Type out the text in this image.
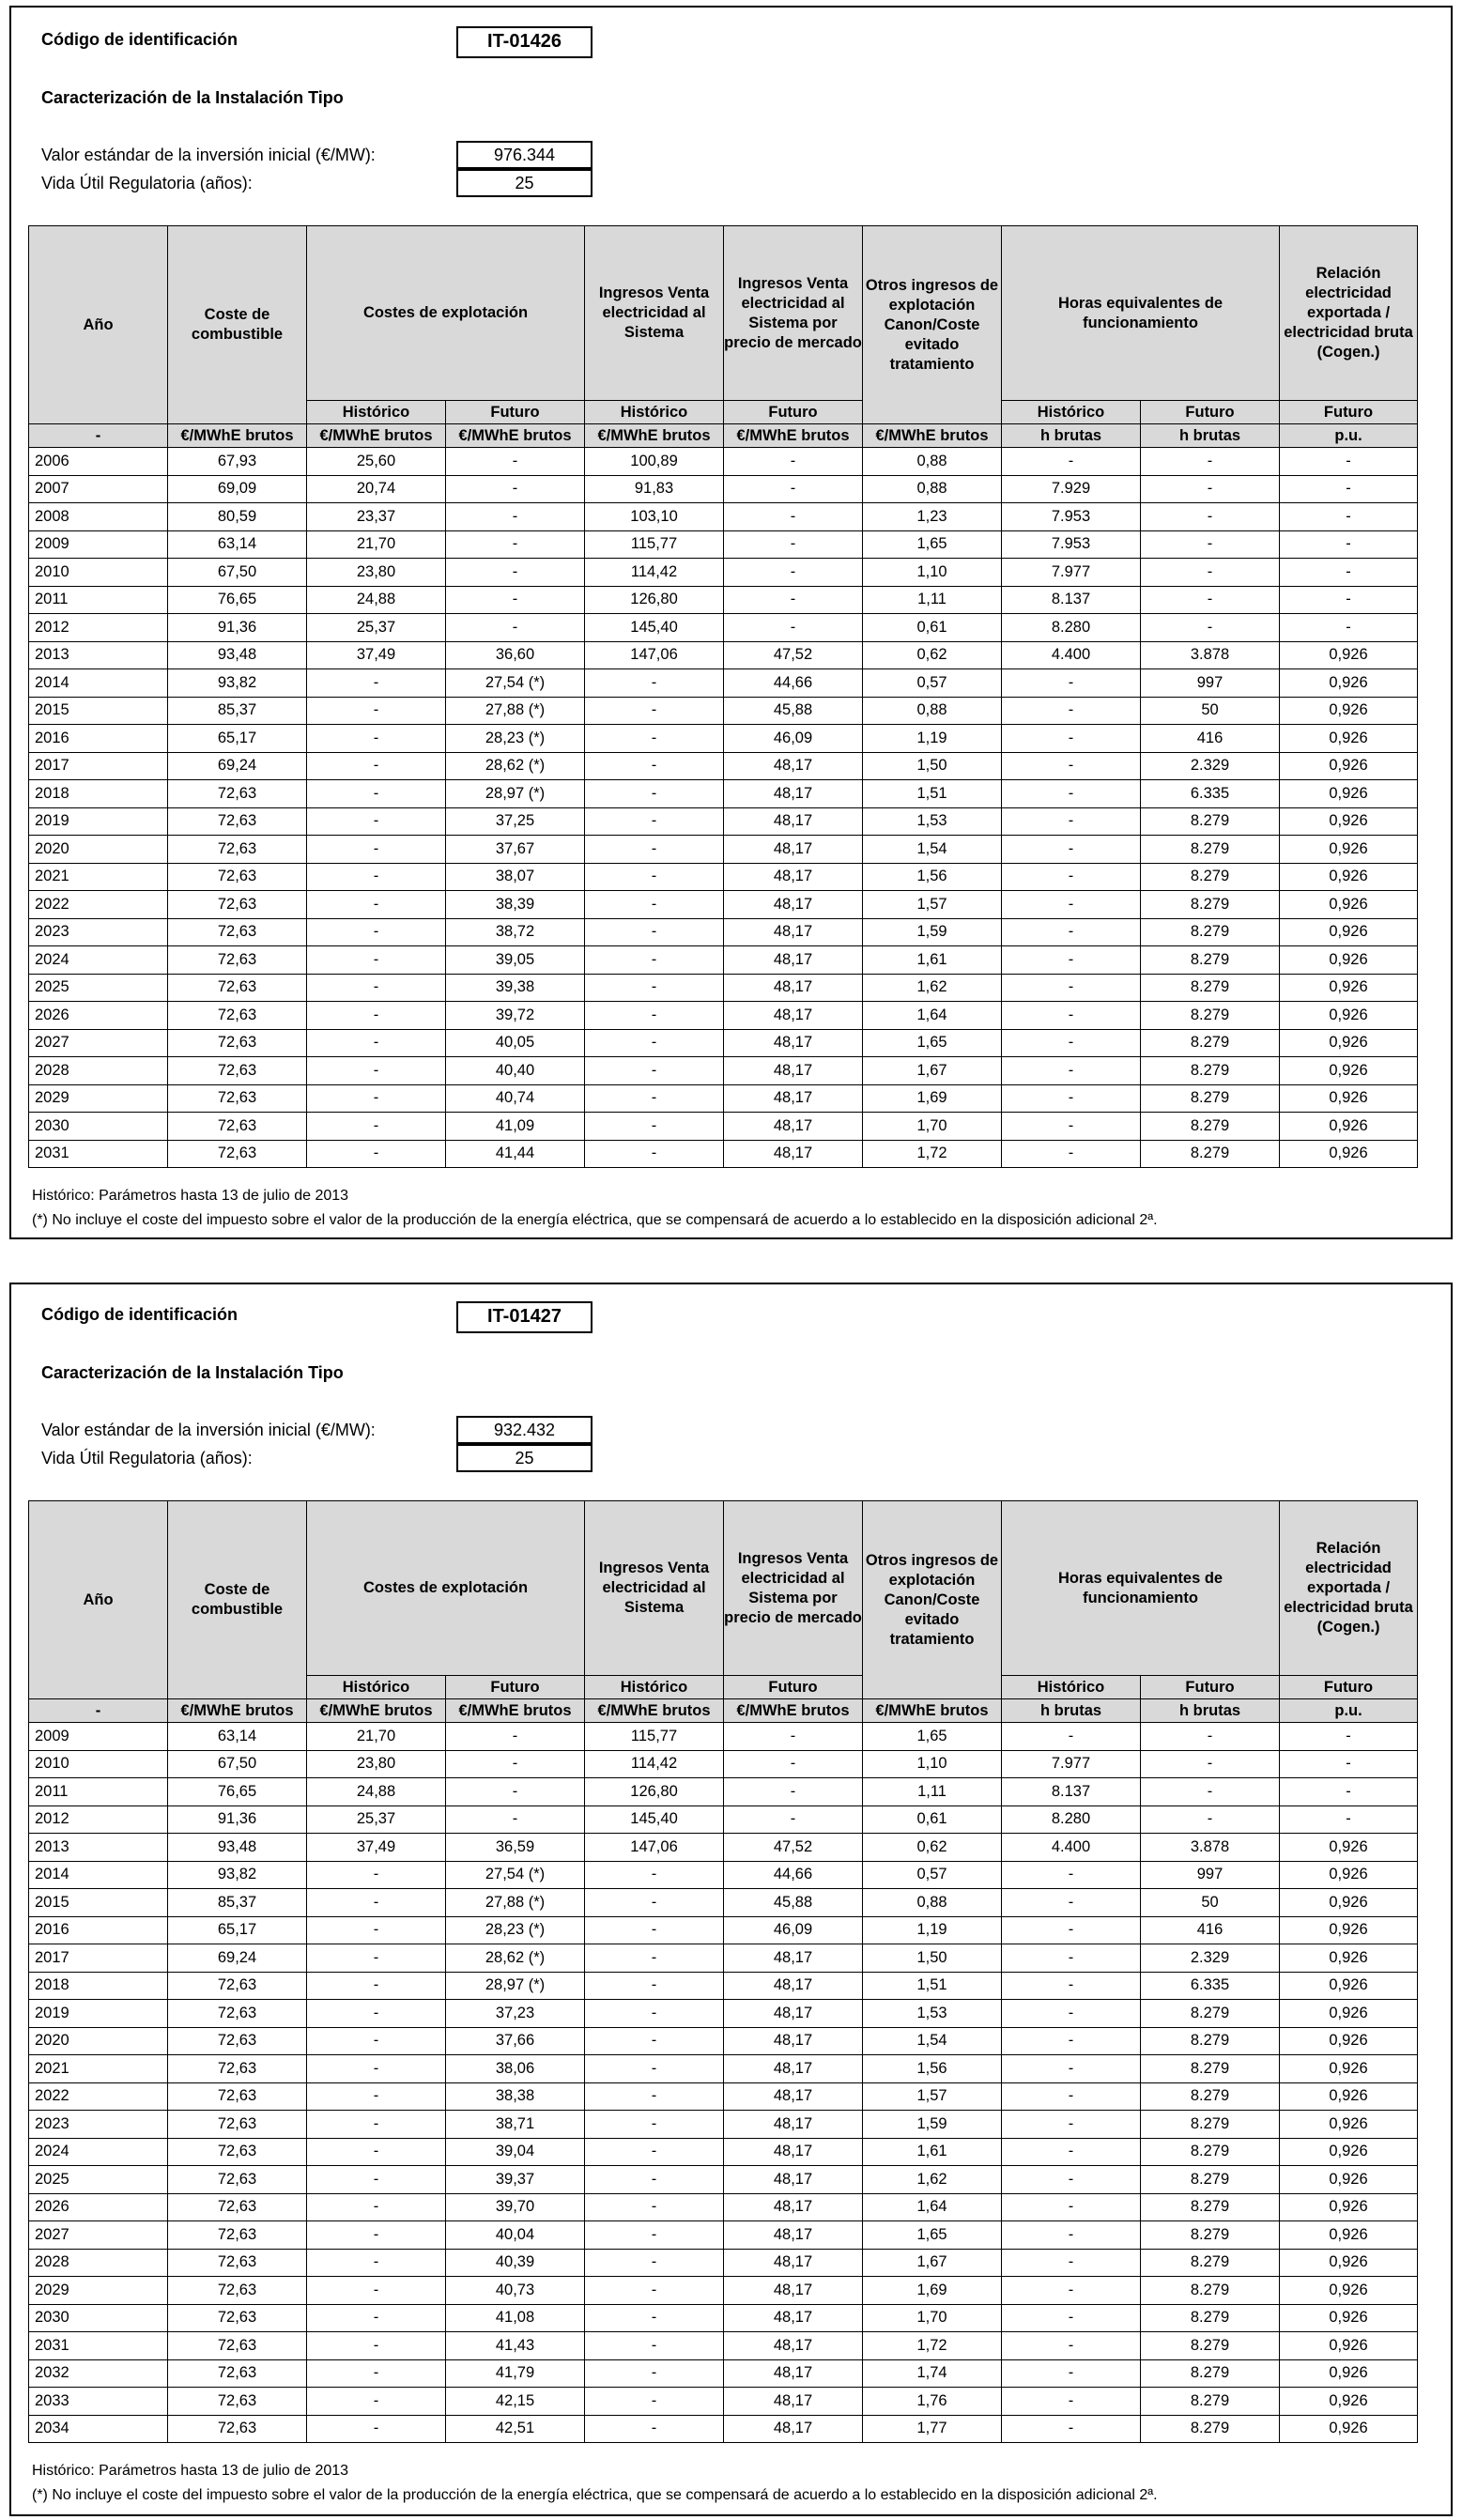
Código de identificación	IT-01426
Caracterización de la Instalación Tipo
Valor estándar de la inversión inicial (€/MW):	976.344
Vida Útil Regulatoria (años):	25
Año	Coste de combustible	Costes de explotación		Ingresos Venta electricidad al Sistema	Ingresos Venta electricidad al Sistema por precio de mercado	Otros ingresos de explotación Canon/Coste evitado tratamiento	Horas equivalentes de funcionamiento		Relación electricidad exportada / electricidad bruta (Cogen.)
		Histórico	Futuro	Histórico	Futuro		Histórico	Futuro	Futuro
-	€/MWhE brutos	€/MWhE brutos	€/MWhE brutos	€/MWhE brutos	€/MWhE brutos	€/MWhE brutos	h brutas	h brutas	p.u.
2006	67,93	25,60	-	100,89	-	0,88	-	-	-
2007	69,09	20,74	-	91,83	-	0,88	7.929	-	-
2008	80,59	23,37	-	103,10	-	1,23	7.953	-	-
2009	63,14	21,70	-	115,77	-	1,65	7.953	-	-
2010	67,50	23,80	-	114,42	-	1,10	7.977	-	-
2011	76,65	24,88	-	126,80	-	1,11	8.137	-	-
2012	91,36	25,37	-	145,40	-	0,61	8.280	-	-
2013	93,48	37,49	36,60	147,06	47,52	0,62	4.400	3.878	0,926
2014	93,82	-	27,54 (*)	-	44,66	0,57	-	997	0,926
2015	85,37	-	27,88 (*)	-	45,88	0,88	-	50	0,926
2016	65,17	-	28,23 (*)	-	46,09	1,19	-	416	0,926
2017	69,24	-	28,62 (*)	-	48,17	1,50	-	2.329	0,926
2018	72,63	-	28,97 (*)	-	48,17	1,51	-	6.335	0,926
2019	72,63	-	37,25	-	48,17	1,53	-	8.279	0,926
2020	72,63	-	37,67	-	48,17	1,54	-	8.279	0,926
2021	72,63	-	38,07	-	48,17	1,56	-	8.279	0,926
2022	72,63	-	38,39	-	48,17	1,57	-	8.279	0,926
2023	72,63	-	38,72	-	48,17	1,59	-	8.279	0,926
2024	72,63	-	39,05	-	48,17	1,61	-	8.279	0,926
2025	72,63	-	39,38	-	48,17	1,62	-	8.279	0,926
2026	72,63	-	39,72	-	48,17	1,64	-	8.279	0,926
2027	72,63	-	40,05	-	48,17	1,65	-	8.279	0,926
2028	72,63	-	40,40	-	48,17	1,67	-	8.279	0,926
2029	72,63	-	40,74	-	48,17	1,69	-	8.279	0,926
2030	72,63	-	41,09	-	48,17	1,70	-	8.279	0,926
2031	72,63	-	41,44	-	48,17	1,72	-	8.279	0,926
Histórico: Parámetros hasta 13 de julio de 2013
(*) No incluye el coste del impuesto sobre el valor de la producción de la energía eléctrica, que se compensará de acuerdo a lo establecido en la disposición adicional 2ª.
Código de identificación	IT-01427
Caracterización de la Instalación Tipo
Valor estándar de la inversión inicial (€/MW):	932.432
Vida Útil Regulatoria (años):	25
Año	Coste de combustible	Costes de explotación		Ingresos Venta electricidad al Sistema	Ingresos Venta electricidad al Sistema por precio de mercado	Otros ingresos de explotación Canon/Coste evitado tratamiento	Horas equivalentes de funcionamiento		Relación electricidad exportada / electricidad bruta (Cogen.)
		Histórico	Futuro	Histórico	Futuro		Histórico	Futuro	Futuro
-	€/MWhE brutos	€/MWhE brutos	€/MWhE brutos	€/MWhE brutos	€/MWhE brutos	€/MWhE brutos	h brutas	h brutas	p.u.
2009	63,14	21,70	-	115,77	-	1,65	-	-	-
2010	67,50	23,80	-	114,42	-	1,10	7.977	-	-
2011	76,65	24,88	-	126,80	-	1,11	8.137	-	-
2012	91,36	25,37	-	145,40	-	0,61	8.280	-	-
2013	93,48	37,49	36,59	147,06	47,52	0,62	4.400	3.878	0,926
2014	93,82	-	27,54 (*)	-	44,66	0,57	-	997	0,926
2015	85,37	-	27,88 (*)	-	45,88	0,88	-	50	0,926
2016	65,17	-	28,23 (*)	-	46,09	1,19	-	416	0,926
2017	69,24	-	28,62 (*)	-	48,17	1,50	-	2.329	0,926
2018	72,63	-	28,97 (*)	-	48,17	1,51	-	6.335	0,926
2019	72,63	-	37,23	-	48,17	1,53	-	8.279	0,926
2020	72,63	-	37,66	-	48,17	1,54	-	8.279	0,926
2021	72,63	-	38,06	-	48,17	1,56	-	8.279	0,926
2022	72,63	-	38,38	-	48,17	1,57	-	8.279	0,926
2023	72,63	-	38,71	-	48,17	1,59	-	8.279	0,926
2024	72,63	-	39,04	-	48,17	1,61	-	8.279	0,926
2025	72,63	-	39,37	-	48,17	1,62	-	8.279	0,926
2026	72,63	-	39,70	-	48,17	1,64	-	8.279	0,926
2027	72,63	-	40,04	-	48,17	1,65	-	8.279	0,926
2028	72,63	-	40,39	-	48,17	1,67	-	8.279	0,926
2029	72,63	-	40,73	-	48,17	1,69	-	8.279	0,926
2030	72,63	-	41,08	-	48,17	1,70	-	8.279	0,926
2031	72,63	-	41,43	-	48,17	1,72	-	8.279	0,926
2032	72,63	-	41,79	-	48,17	1,74	-	8.279	0,926
2033	72,63	-	42,15	-	48,17	1,76	-	8.279	0,926
2034	72,63	-	42,51	-	48,17	1,77	-	8.279	0,926
Histórico: Parámetros hasta 13 de julio de 2013
(*) No incluye el coste del impuesto sobre el valor de la producción de la energía eléctrica, que se compensará de acuerdo a lo establecido en la disposición adicional 2ª.
